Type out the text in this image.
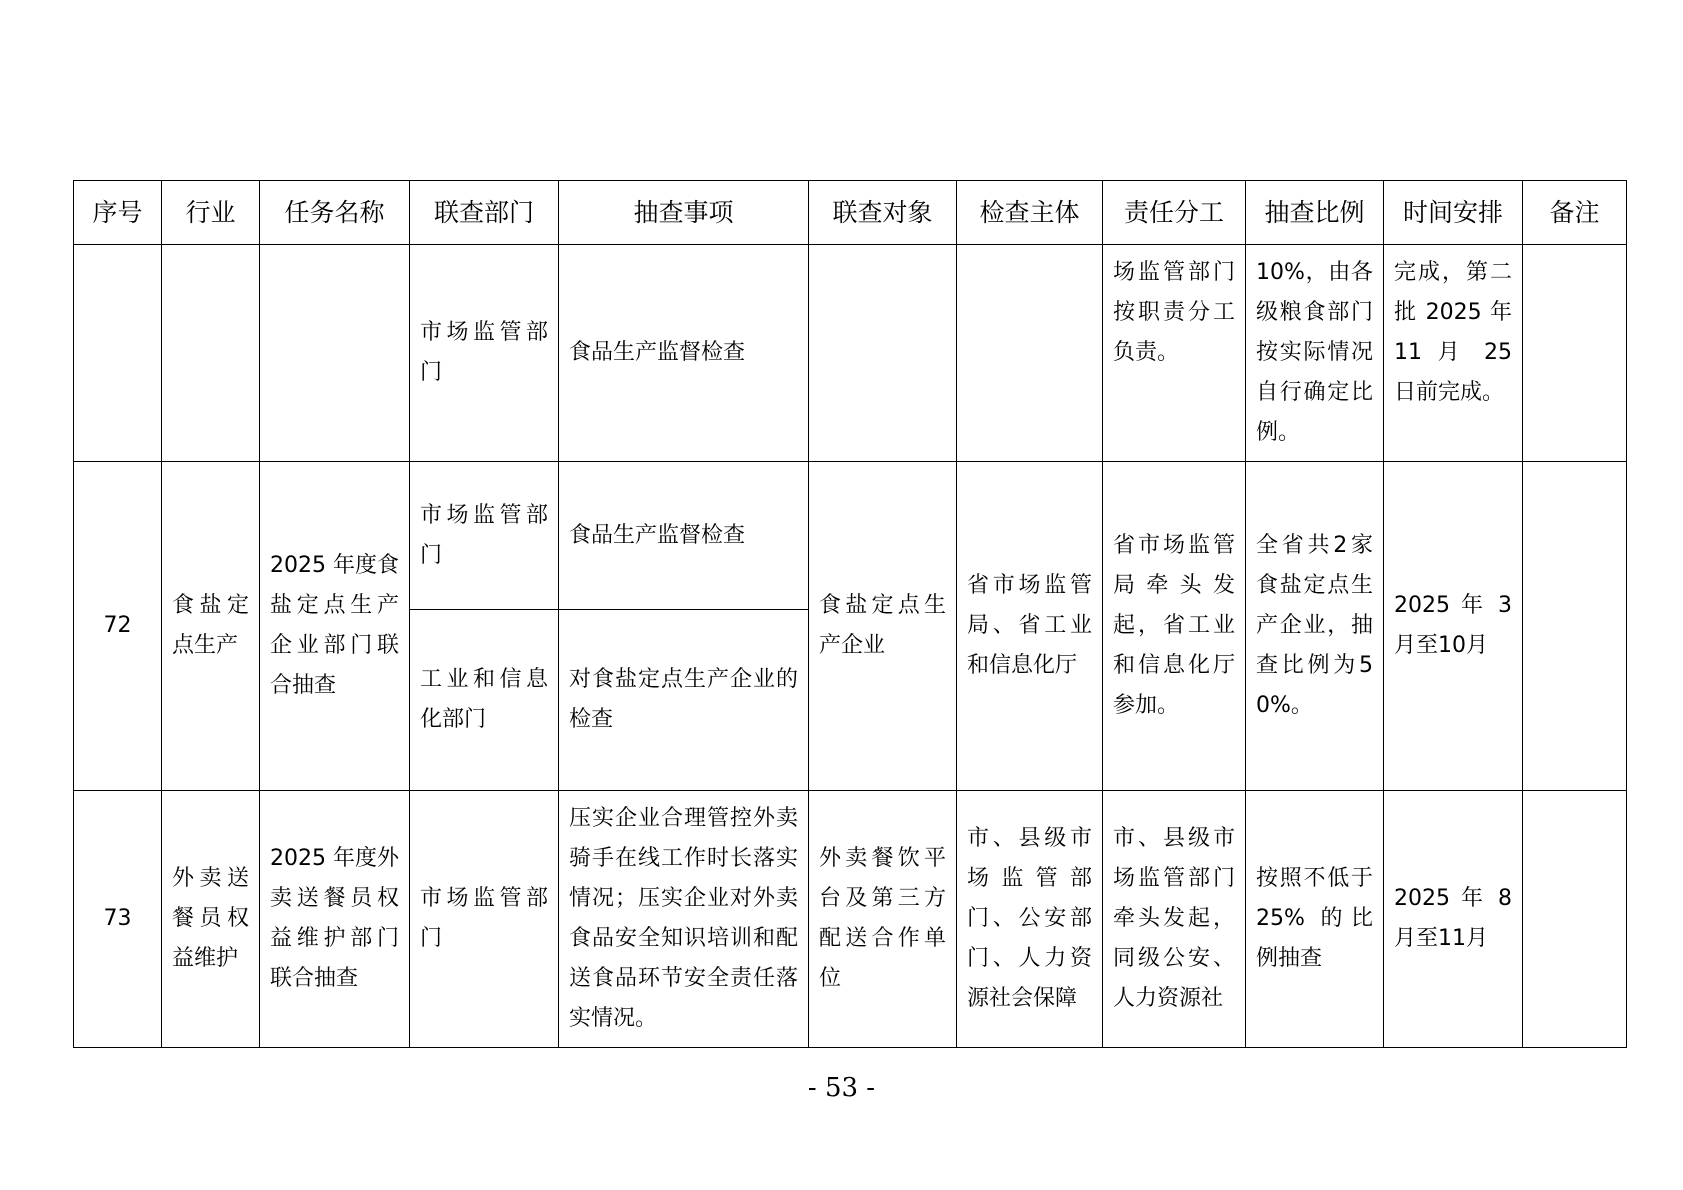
序号	行业	任务名称	联查部门	抽查事项	联查对象	检查主体	责任分工	抽查比例	时间安排	备注
			市场监管部门	食品生产监督检查			场监管部门按职责分工负责。	10%，由各级粮食部门按实际情况自行确定比例。	完成，第二批 2025 年 11 月 25 日前完成。	
72	食盐定点生产	2025 年度食盐定点生产企业部门联合抽查	市场监管部门	食品生产监督检查	食盐定点生产企业	省市场监管局、省工业和信息化厅	省市场监管局牵头发起，省工业和信息化厅参加。	全省共2家食盐定点生产企业，抽查比例为50%。	2025 年 3 月至10月	
			工业和信息化部门	对食盐定点生产企业的检查						
73	外卖送餐员权益维护	2025 年度外卖送餐员权益维护部门联合抽查	市场监管部门	压实企业合理管控外卖骑手在线工作时长落实情况；压实企业对外卖食品安全知识培训和配送食品环节安全责任落实情况。	外卖餐饮平台及第三方配送合作单位	市、县级市场监管部门、公安部门、人力资源社会保障	市、县级市场监管部门牵头发起，同级公安、人力资源社	按照不低于 25% 的比例抽查	2025 年 8 月至11月	
- 53 -
